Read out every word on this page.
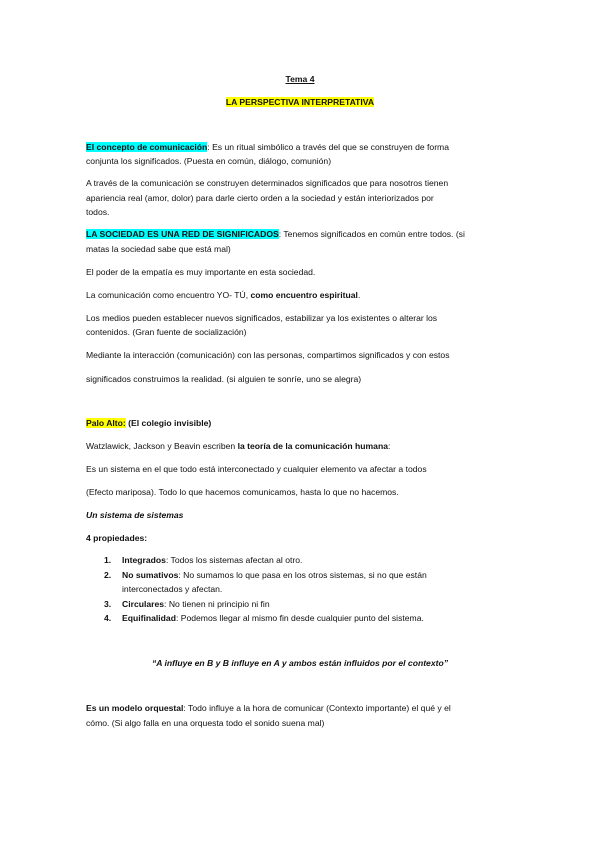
Tema 4
LA PERSPECTIVA INTERPRETATIVA
El concepto de comunicación: Es un ritual simbólico a través del que se construyen de forma
conjunta los significados. (Puesta en común, diálogo, comunión)
A través de la comunicación se construyen determinados significados que para nosotros tienen
apariencia real (amor, dolor) para darle cierto orden a la sociedad y están interiorizados por
todos.
LA SOCIEDAD ES UNA RED DE SIGNIFICADOS: Tenemos significados en común entre todos. (si
matas la sociedad sabe que está mal)
El poder de la empatía es muy importante en esta sociedad.
La comunicación como encuentro YO- TÚ, como encuentro espiritual.
Los medios pueden establecer nuevos significados, estabilizar ya los existentes o alterar los
contenidos. (Gran fuente de socialización)
Mediante la interacción (comunicación) con las personas, compartimos significados y con estos
significados construimos la realidad. (si alguien te sonríe, uno se alegra)
Palo Alto: (El colegio invisible)
Watzlawick, Jackson y Beavin escriben la teoría de la comunicación humana:
Es un sistema en el que todo está interconectado y cualquier elemento va afectar a todos
(Efecto mariposa). Todo lo que hacemos comunicamos, hasta lo que no hacemos.
Un sistema de sistemas
4 propiedades:
1.	Integrados: Todos los sistemas afectan al otro.
2.	No sumativos: No sumamos lo que pasa en los otros sistemas, si no que están
interconectados y afectan.
3.	Circulares: No tienen ni principio ni fin
4.	Equifinalidad: Podemos llegar al mismo fin desde cualquier punto del sistema.
“A influye en B y B influye en A y ambos están influidos por el contexto”
Es un modelo orquestal: Todo influye a la hora de comunicar (Contexto importante) el qué y el
cómo. (Si algo falla en una orquesta todo el sonido suena mal)
